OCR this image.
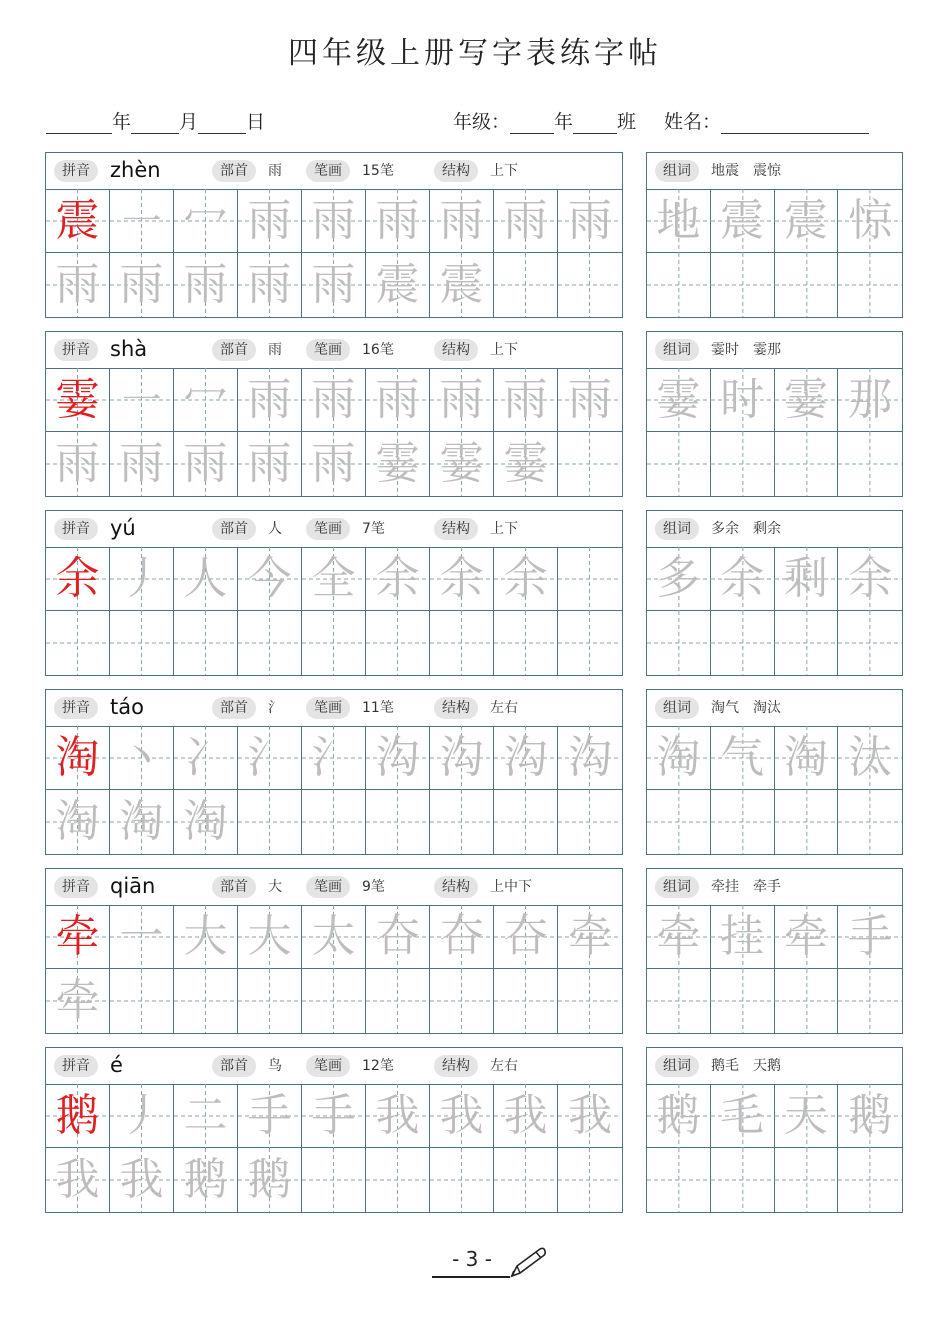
四年级上册写字表练字帖
年	月	日	年级： 年 班 姓名：
拼音 zhèn	部首	雨	笔画	15笔	结构	上下
震 ㇐ 冖 雨 雨 雨 雨 雨 雨
雨 雨 雨 雨 雨 震 震
组词	地震　震惊
地 震 震 惊
拼音 shà	部首	雨	笔画	16笔	结构	上下
霎 ㇐ 冖 雨 雨 雨 雨 雨 雨
雨 雨 雨 雨 雨 霎 霎 霎
组词	霎时　霎那
霎 时 霎 那
拼音 yú	部首	人	笔画	7笔	结构	上下
余 丿 人 今 全 余 余 余
组词	多余　剩余
多 余 剩 余
拼音 táo	部首	氵	笔画	11笔	结构	左右
淘 丶 冫 氵 氵 沟 沟 沟 沟
淘 淘 淘
组词	淘气　淘汰
淘 气 淘 汰
拼音 qiān	部首	大	笔画	9笔	结构	上中下
牵 一 大 大 太 夻 夻 夻 牵
牵
组词	牵挂　牵手
牵 挂 牵 手
拼音 é	部首	鸟	笔画	12笔	结构	左右
鹅 丿 二 手 手 我 我 我 我
我 我 鹅 鹅
组词	鹅毛　天鹅
鹅 毛 天 鹅
- 3 -
